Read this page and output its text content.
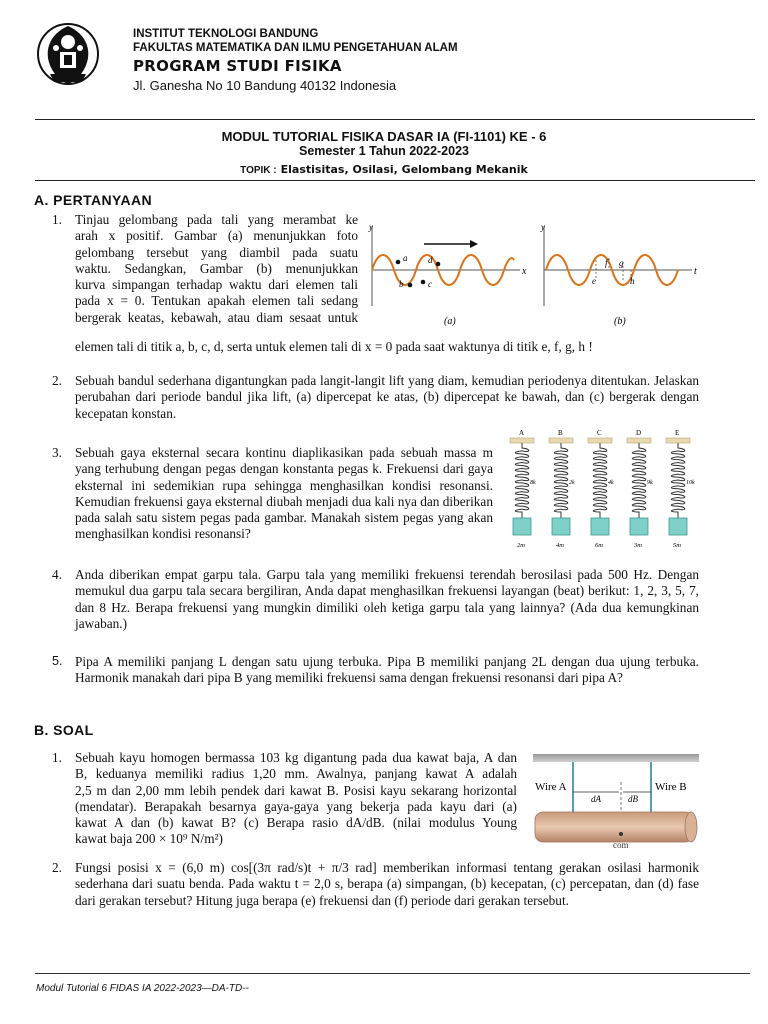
INSTITUT TEKNOLOGI BANDUNG
FAKULTAS MATEMATIKA DAN ILMU PENGETAHUAN ALAM
PROGRAM STUDI FISIKA
Jl. Ganesha No 10 Bandung 40132 Indonesia
MODUL TUTORIAL FISIKA DASAR IA (FI-1101) KE - 6
Semester 1 Tahun 2022-2023
TOPIK : Elastisitas, Osilasi, Gelombang Mekanik
A. PERTANYAAN
1. Tinjau gelombang pada tali yang merambat ke
arah x positif. Gambar (a) menunjukkan foto
gelombang tersebut yang diambil pada suatu
waktu. Sedangkan, Gambar (b) menunjukkan
kurva simpangan terhadap waktu dari elemen tali
pada x = 0. Tentukan apakah elemen tali sedang
bergerak keatas, kebawah, atau diam sesaat untuk
elemen tali di titik a, b, c, d, serta untuk elemen tali di x = 0 pada saat waktunya di titik e, f, g, h !
y
x
a
b	c
d
(a)
y
t
e
f g
h
(b)
2. Sebuah bandul sederhana digantungkan pada langit-langit lift yang diam, kemudian periodenya ditentukan. Jelaskan perubahan dari periode bandul jika lift, (a) dipercepat ke atas, (b) dipercepat ke bawah, dan (c) bergerak dengan kecepatan konstan.
3. Sebuah gaya eksternal secara kontinu diaplikasikan pada sebuah massa m yang terhubung dengan pegas dengan konstanta pegas k. Frekuensi dari gaya eksternal ini sedemikian rupa sehingga menghasilkan kondisi resonansi. Kemudian frekuensi gaya eksternal diubah menjadi dua kali nya dan diberikan pada salah satu sistem pegas pada gambar. Manakah sistem pegas yang akan menghasilkan kondisi resonansi?
A
8k
2m
B
2k
4m
C
4k
6m
D
9k
3m
E
10k
5m
4. Anda diberikan empat garpu tala. Garpu tala yang memiliki frekuensi terendah berosilasi pada 500 Hz. Dengan memukul dua garpu tala secara bergiliran, Anda dapat menghasilkan frekuensi layangan (beat) berikut: 1, 2, 3, 5, 7, dan 8 Hz. Berapa frekuensi yang mungkin dimiliki oleh ketiga garpu tala yang lainnya? (Ada dua kemungkinan jawaban.)
5. Pipa A memiliki panjang L dengan satu ujung terbuka. Pipa B memiliki panjang 2L dengan dua ujung terbuka. Harmonik manakah dari pipa B yang memiliki frekuensi sama dengan frekuensi resonansi dari pipa A?
B. SOAL
1. Sebuah kayu homogen bermassa 103 kg digantung pada dua kawat baja, A dan
B, keduanya memiliki radius 1,20 mm. Awalnya, panjang kawat A adalah
2,5 m dan 2,00 mm lebih pendek dari kawat B. Posisi kayu sekarang horizontal
(mendatar). Berapakah besarnya gaya-gaya yang bekerja pada kayu dari (a)
kawat A dan (b) kawat B? (c) Berapa rasio dA/dB. (nilai modulus Young
kawat baja 200 × 10⁹ N/m²)
Wire A	Wire B
dA	dB
com
2. Fungsi posisi x = (6,0 m) cos[(3π rad/s)t + π/3 rad] memberikan informasi tentang gerakan osilasi harmonik sederhana dari suatu benda. Pada waktu t = 2,0 s, berapa (a) simpangan, (b) kecepatan, (c) percepatan, dan (d) fase dari gerakan tersebut? Hitung juga berapa (e) frekuensi dan (f) periode dari gerakan tersebut.
Modul Tutorial 6 FIDAS IA 2022-2023—DA-TD--
